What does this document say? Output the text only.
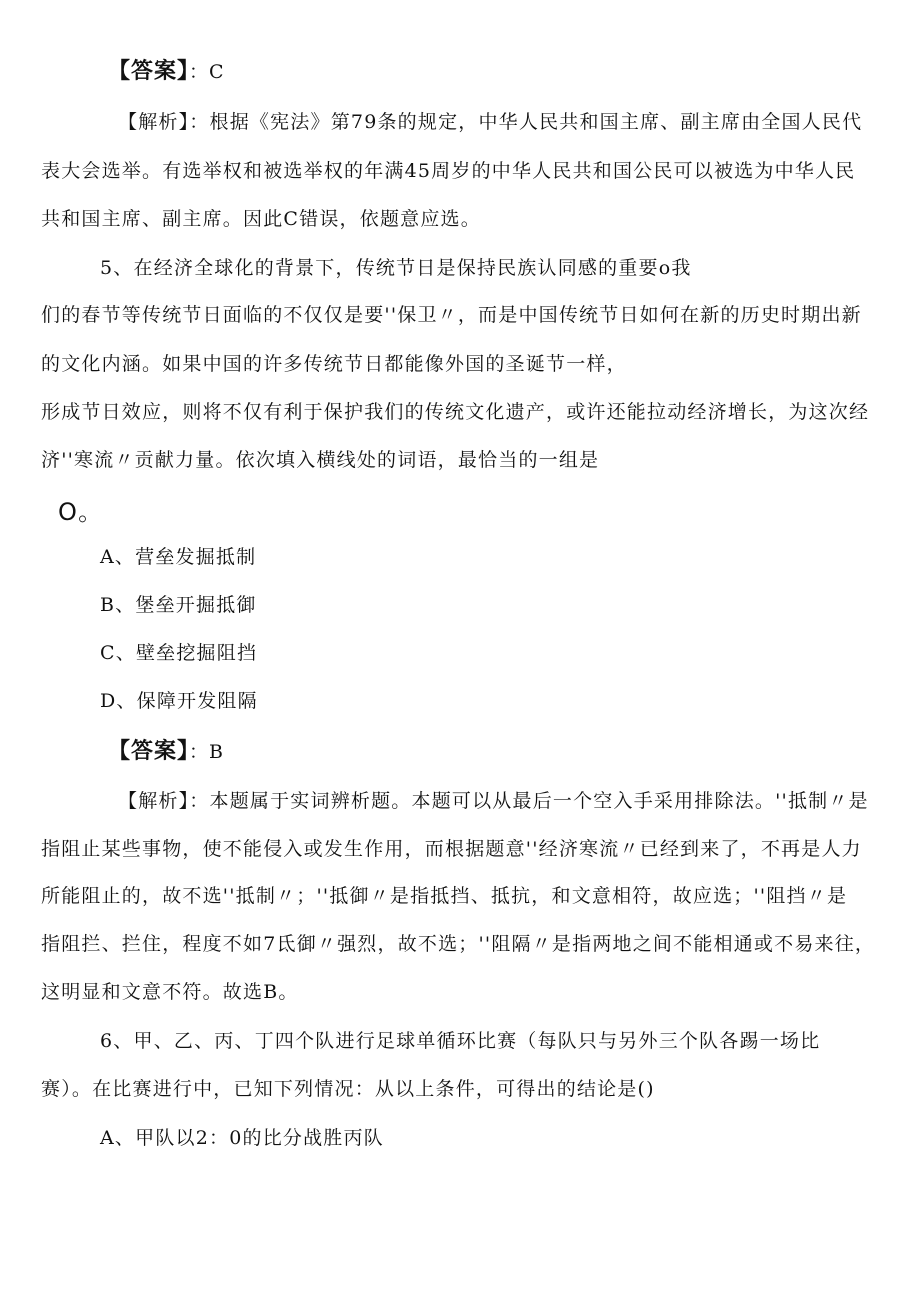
【答案】：C
【解析】：根据《宪法》第79条的规定，中华人民共和国主席、副主席由全国人民代
表大会选举。有选举权和被选举权的年满45周岁的中华人民共和国公民可以被选为中华人民
共和国主席、副主席。因此C错误，依题意应选。
5、在经济全球化的背景下，传统节日是保持民族认同感的重要o我
们的春节等传统节日面临的不仅仅是要''保卫〃，而是中国传统节日如何在新的历史时期出新
的文化内涵。如果中国的许多传统节日都能像外国的圣诞节一样，
形成节日效应，则将不仅有利于保护我们的传统文化遗产，或许还能拉动经济增长，为这次经
济''寒流〃贡献力量。依次填入横线处的词语，最恰当的一组是
O。
A、营垒发掘抵制
B、堡垒开掘抵御
C、壁垒挖掘阻挡
D、保障开发阻隔
【答案】：B
【解析】：本题属于实词辨析题。本题可以从最后一个空入手采用排除法。''抵制〃是
指阻止某些事物，使不能侵入或发生作用，而根据题意''经济寒流〃已经到来了，不再是人力
所能阻止的，故不选''抵制〃；''抵御〃是指抵挡、抵抗，和文意相符，故应选；''阻挡〃是
指阻拦、拦住，程度不如7氐御〃强烈，故不选；''阻隔〃是指两地之间不能相通或不易来往，
这明显和文意不符。故选B。
6、甲、乙、丙、丁四个队进行足球单循环比赛（每队只与另外三个队各踢一场比
赛）。在比赛进行中，已知下列情况：从以上条件，可得出的结论是()
A、甲队以2：0的比分战胜丙队
